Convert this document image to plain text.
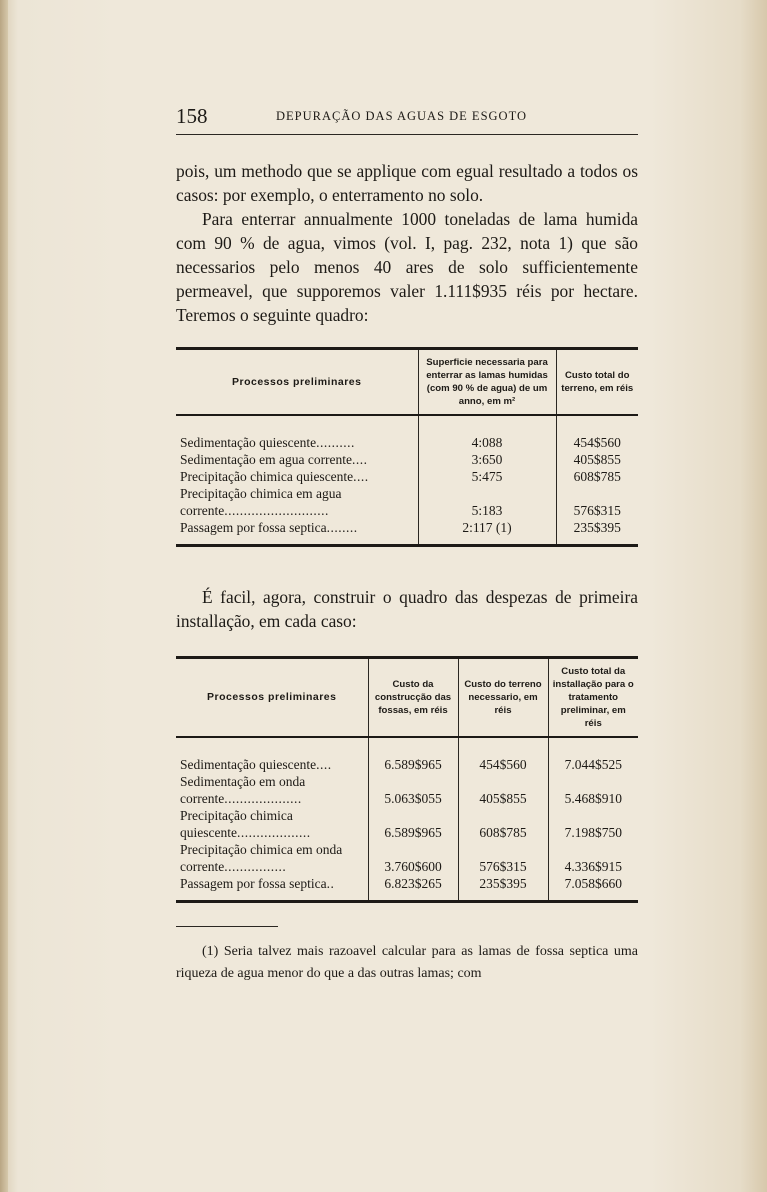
158	DEPURAÇÃO DAS AGUAS DE ESGOTO

pois, um methodo que se applique com egual resultado a todos os casos: por exemplo, o enterramento no solo.

Para enterrar annualmente 1000 toneladas de lama humida com 90 % de agua, vimos (vol. I, pag. 232, nota 1) que são necessarios pelo menos 40 ares de solo sufficientemente permeavel, que supporemos valer 1.111$935 réis por hectare. Teremos o seguinte quadro:

Processos preliminares	Superficie necessaria para enterrar as lamas humidas (com 90 % de agua) de um anno, em m²	Custo total do terreno, em réis

Sedimentação quiescente..........	4:088	454$560
Sedimentação em agua corrente....	3:650	405$855
Precipitação chimica quiescente....	5:475	608$785
Precipitação chimica em agua corrente...........................	5:183	576$315
Passagem por fossa septica........	2:117 (1)	235$395

É facil, agora, construir o quadro das despezas de primeira installação, em cada caso:

Processos preliminares	Custo da construcção das fossas, em réis	Custo do terreno necessario, em réis	Custo total da installação para o tratamento preliminar, em réis

Sedimentação quiescente....	6.589$965	454$560	7.044$525
Sedimentação em onda corrente....................	5.063$055	405$855	5.468$910
Precipitação chimica quiescente...................	6.589$965	608$785	7.198$750
Precipitação chimica em onda corrente................	3.760$600	576$315	4.336$915
Passagem por fossa septica..	6.823$265	235$395	7.058$660

(1) Seria talvez mais razoavel calcular para as lamas de fossa septica uma riqueza de agua menor do que a das outras lamas; com
